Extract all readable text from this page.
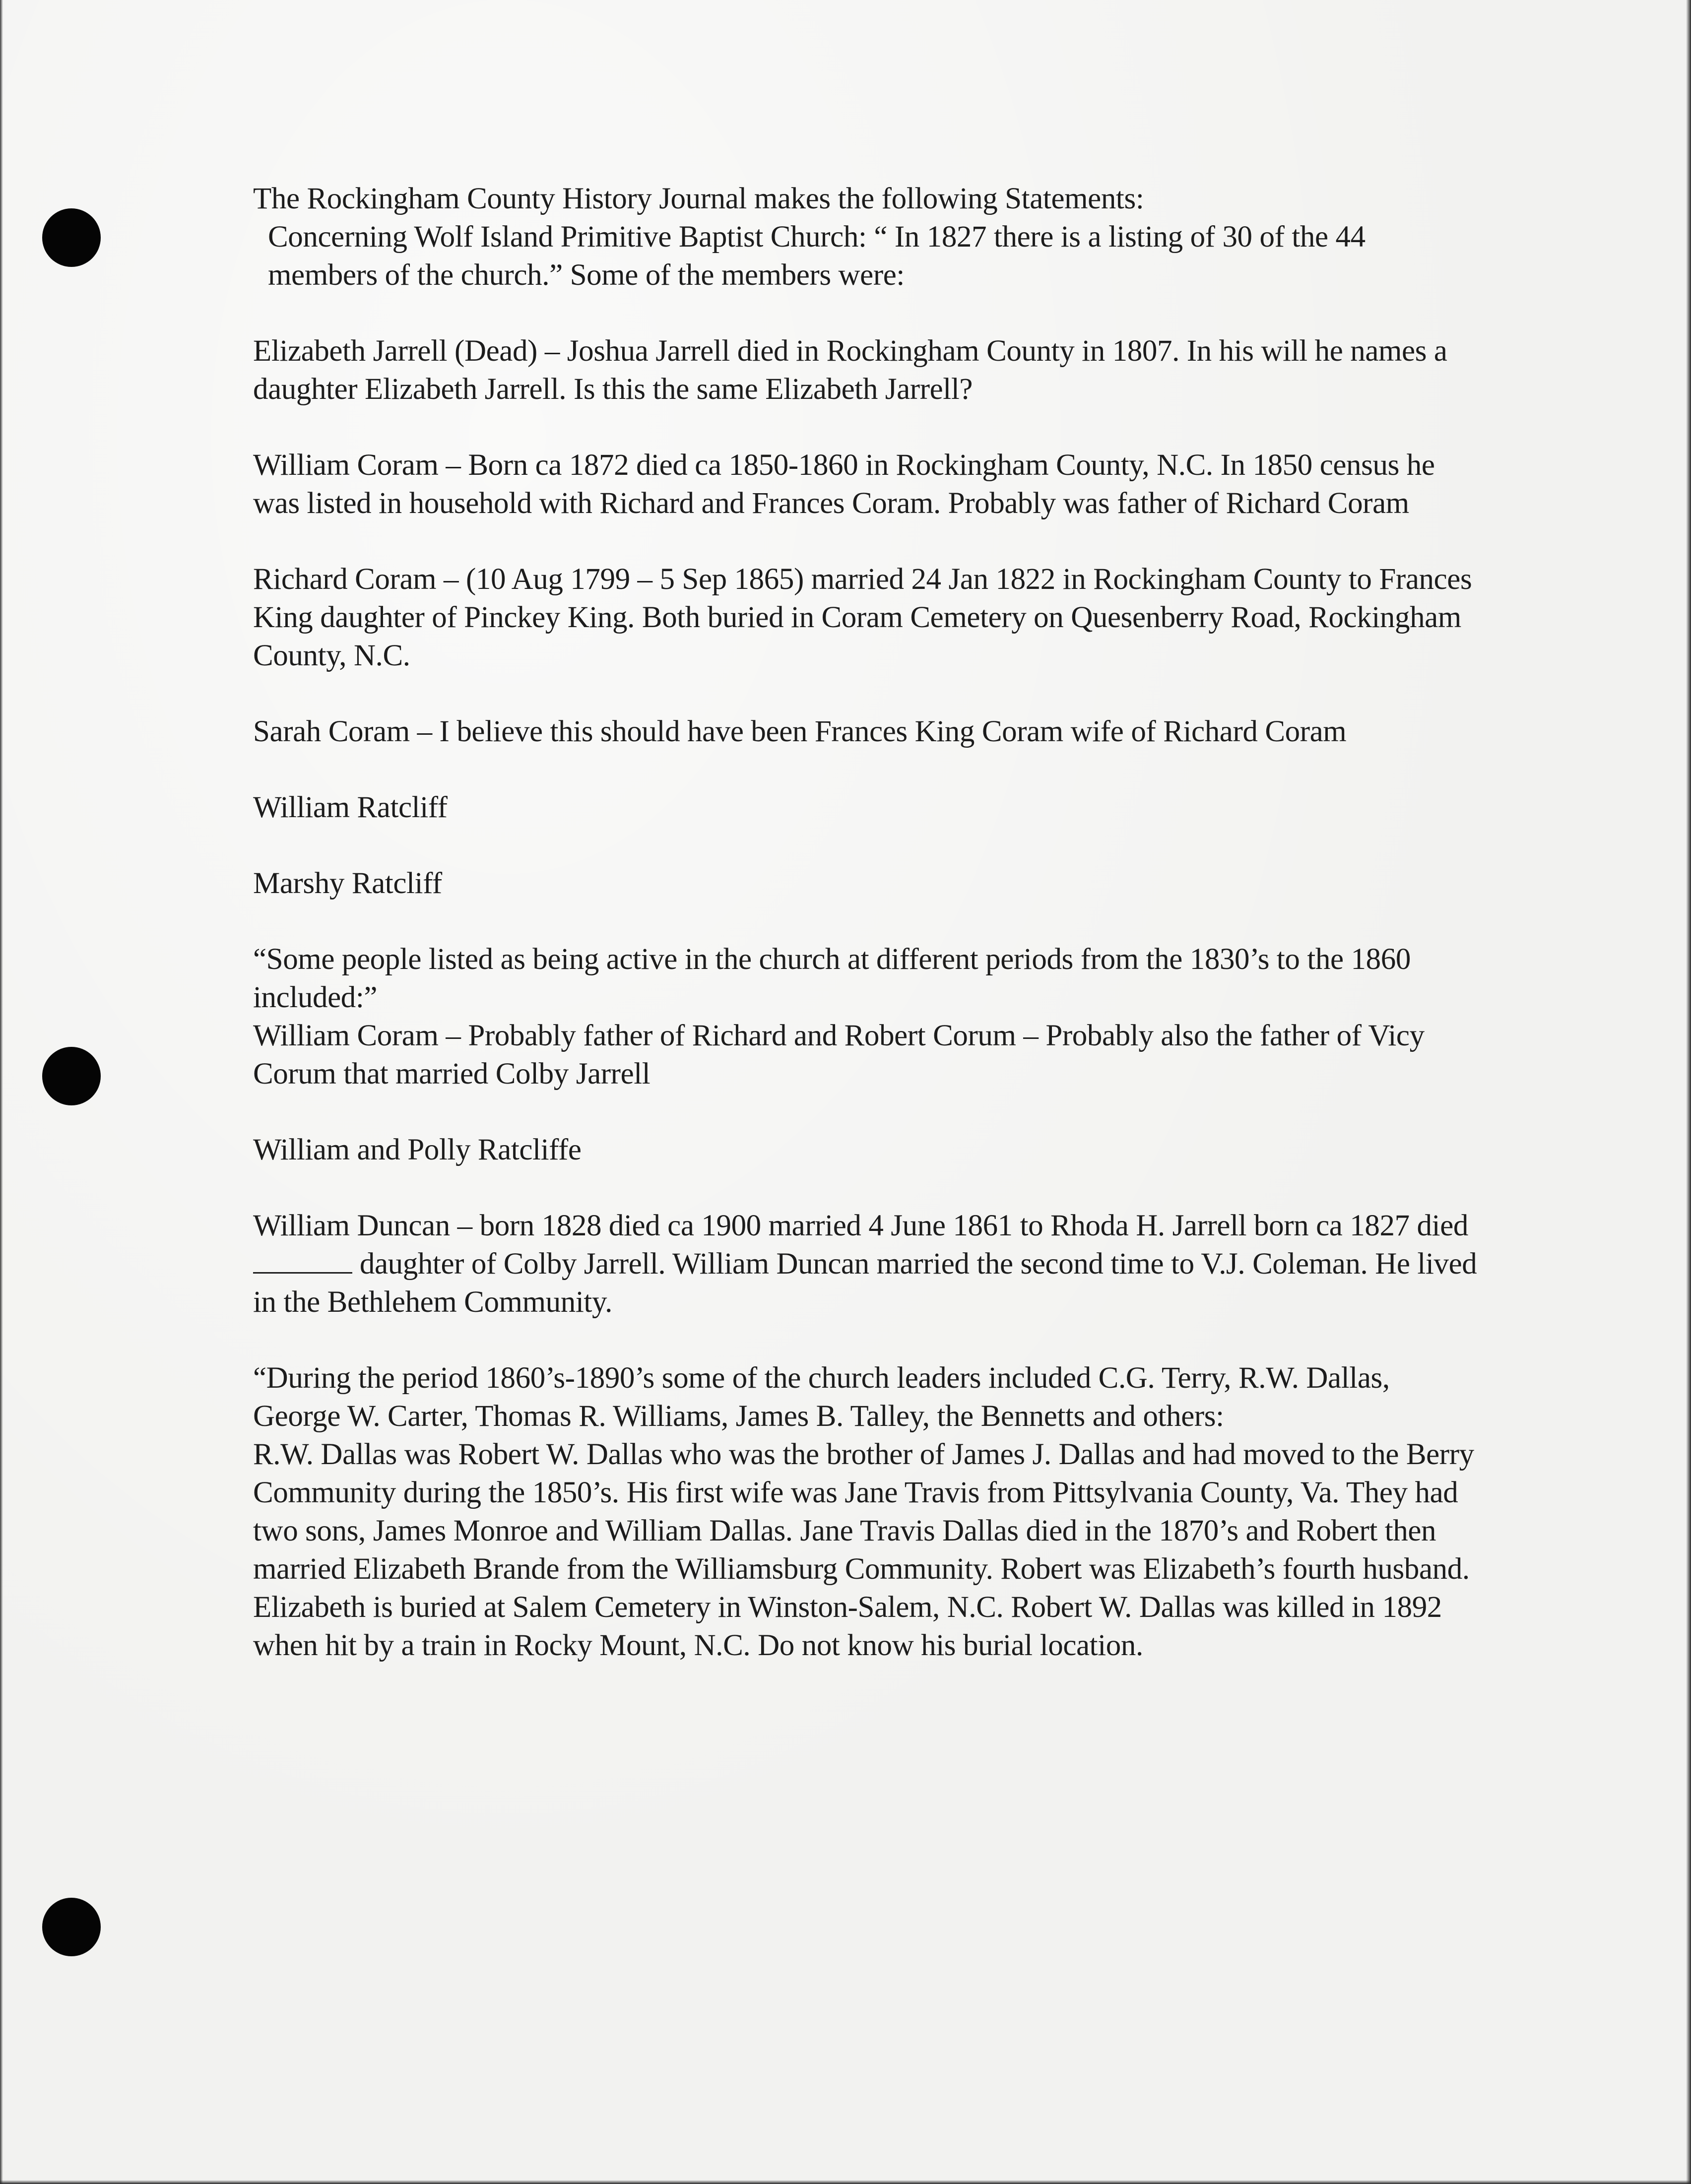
The Rockingham County History Journal makes the following Statements:

Concerning Wolf Island Primitive Baptist Church: “ In 1827 there is a listing of 30 of the 44 members of the church.” Some of the members were:

Elizabeth Jarrell (Dead) – Joshua Jarrell died in Rockingham County in 1807. In his will he names a daughter Elizabeth Jarrell. Is this the same Elizabeth Jarrell?

William Coram – Born ca 1872 died ca 1850-1860 in Rockingham County, N.C. In 1850 census he was listed in household with Richard and Frances Coram. Probably was father of Richard Coram

Richard Coram – (10 Aug 1799 – 5 Sep 1865) married 24 Jan 1822 in Rockingham County to Frances King daughter of Pinckey King. Both buried in Coram Cemetery on Quesenberry Road, Rockingham County, N.C.

Sarah Coram – I believe this should have been Frances King Coram wife of Richard Coram

William Ratcliff

Marshy Ratcliff

“Some people listed as being active in the church at different periods from the 1830’s to the 1860 included:”

William Coram – Probably father of Richard and Robert Corum – Probably also the father of Vicy Corum that married Colby Jarrell

William and Polly Ratcliffe

William Duncan – born 1828 died ca 1900 married 4 June 1861 to Rhoda H. Jarrell born ca 1827 died daughter of Colby Jarrell. William Duncan married the second time to V.J. Coleman. He lived in the Bethlehem Community.

“During the period 1860’s-1890’s some of the church leaders included C.G. Terry, R.W. Dallas, George W. Carter, Thomas R. Williams, James B. Talley, the Bennetts and others:

R.W. Dallas was Robert W. Dallas who was the brother of James J. Dallas and had moved to the Berry Community during the 1850’s. His first wife was Jane Travis from Pittsylvania County, Va. They had two sons, James Monroe and William Dallas. Jane Travis Dallas died in the 1870’s and Robert then married Elizabeth Brande from the Williamsburg Community. Robert was Elizabeth’s fourth husband. Elizabeth is buried at Salem Cemetery in Winston-Salem, N.C. Robert W. Dallas was killed in 1892 when hit by a train in Rocky Mount, N.C. Do not know his burial location.
